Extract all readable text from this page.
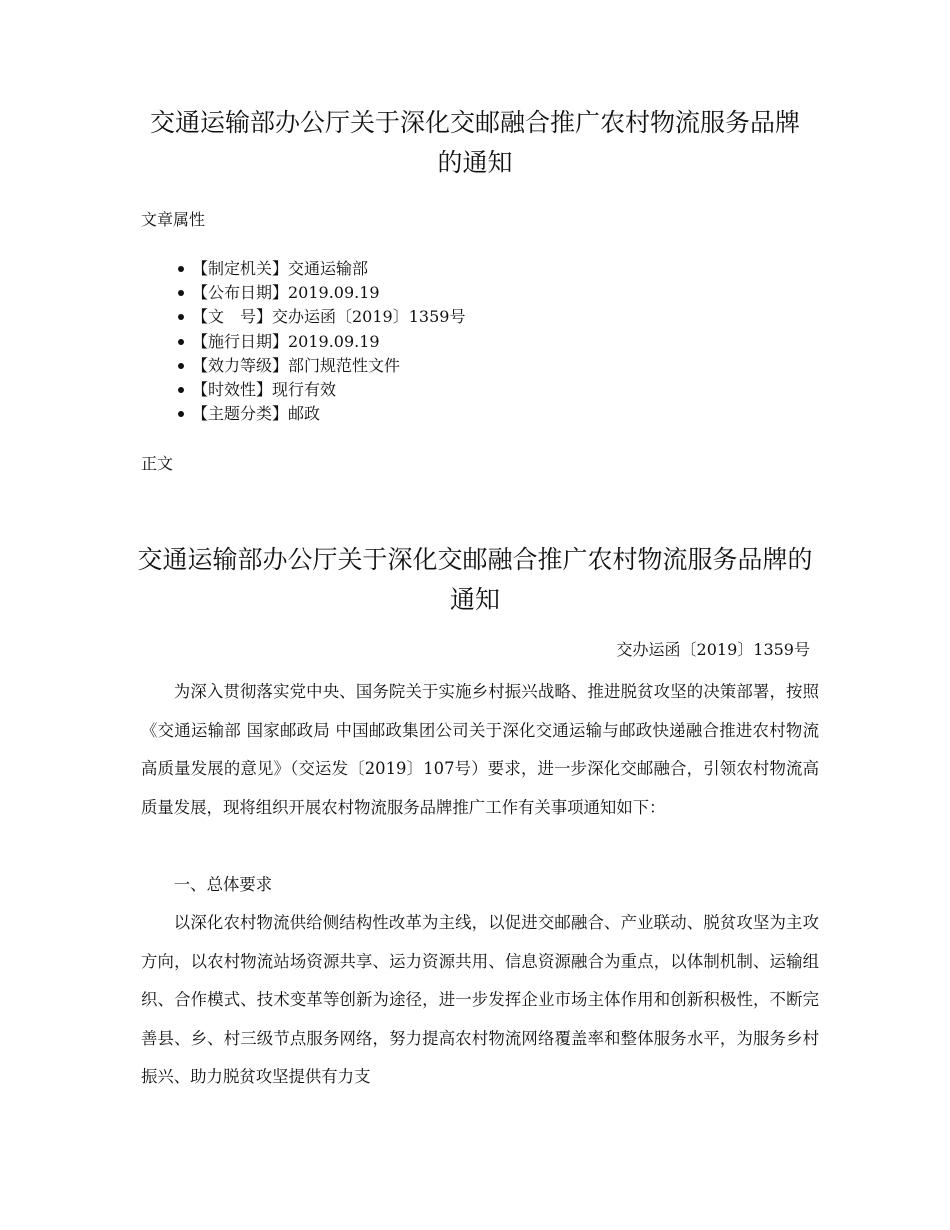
交通运输部办公厅关于深化交邮融合推广农村物流服务品牌的通知

文章属性

【制定机关】交通运输部
【公布日期】2019.09.19
【文　号】交办运函〔2019〕1359号
【施行日期】2019.09.19
【效力等级】部门规范性文件
【时效性】现行有效
【主题分类】邮政

正文

交通运输部办公厅关于深化交邮融合推广农村物流服务品牌的通知

交办运函〔2019〕1359号

为深入贯彻落实党中央、国务院关于实施乡村振兴战略、推进脱贫攻坚的决策部署，按照《交通运输部 国家邮政局 中国邮政集团公司关于深化交通运输与邮政快递融合推进农村物流高质量发展的意见》（交运发〔2019〕107号）要求，进一步深化交邮融合，引领农村物流高质量发展，现将组织开展农村物流服务品牌推广工作有关事项通知如下：

一、总体要求

以深化农村物流供给侧结构性改革为主线，以促进交邮融合、产业联动、脱贫攻坚为主攻方向，以农村物流站场资源共享、运力资源共用、信息资源融合为重点，以体制机制、运输组织、合作模式、技术变革等创新为途径，进一步发挥企业市场主体作用和创新积极性，不断完善县、乡、村三级节点服务网络，努力提高农村物流网络覆盖率和整体服务水平，为服务乡村振兴、助力脱贫攻坚提供有力支
